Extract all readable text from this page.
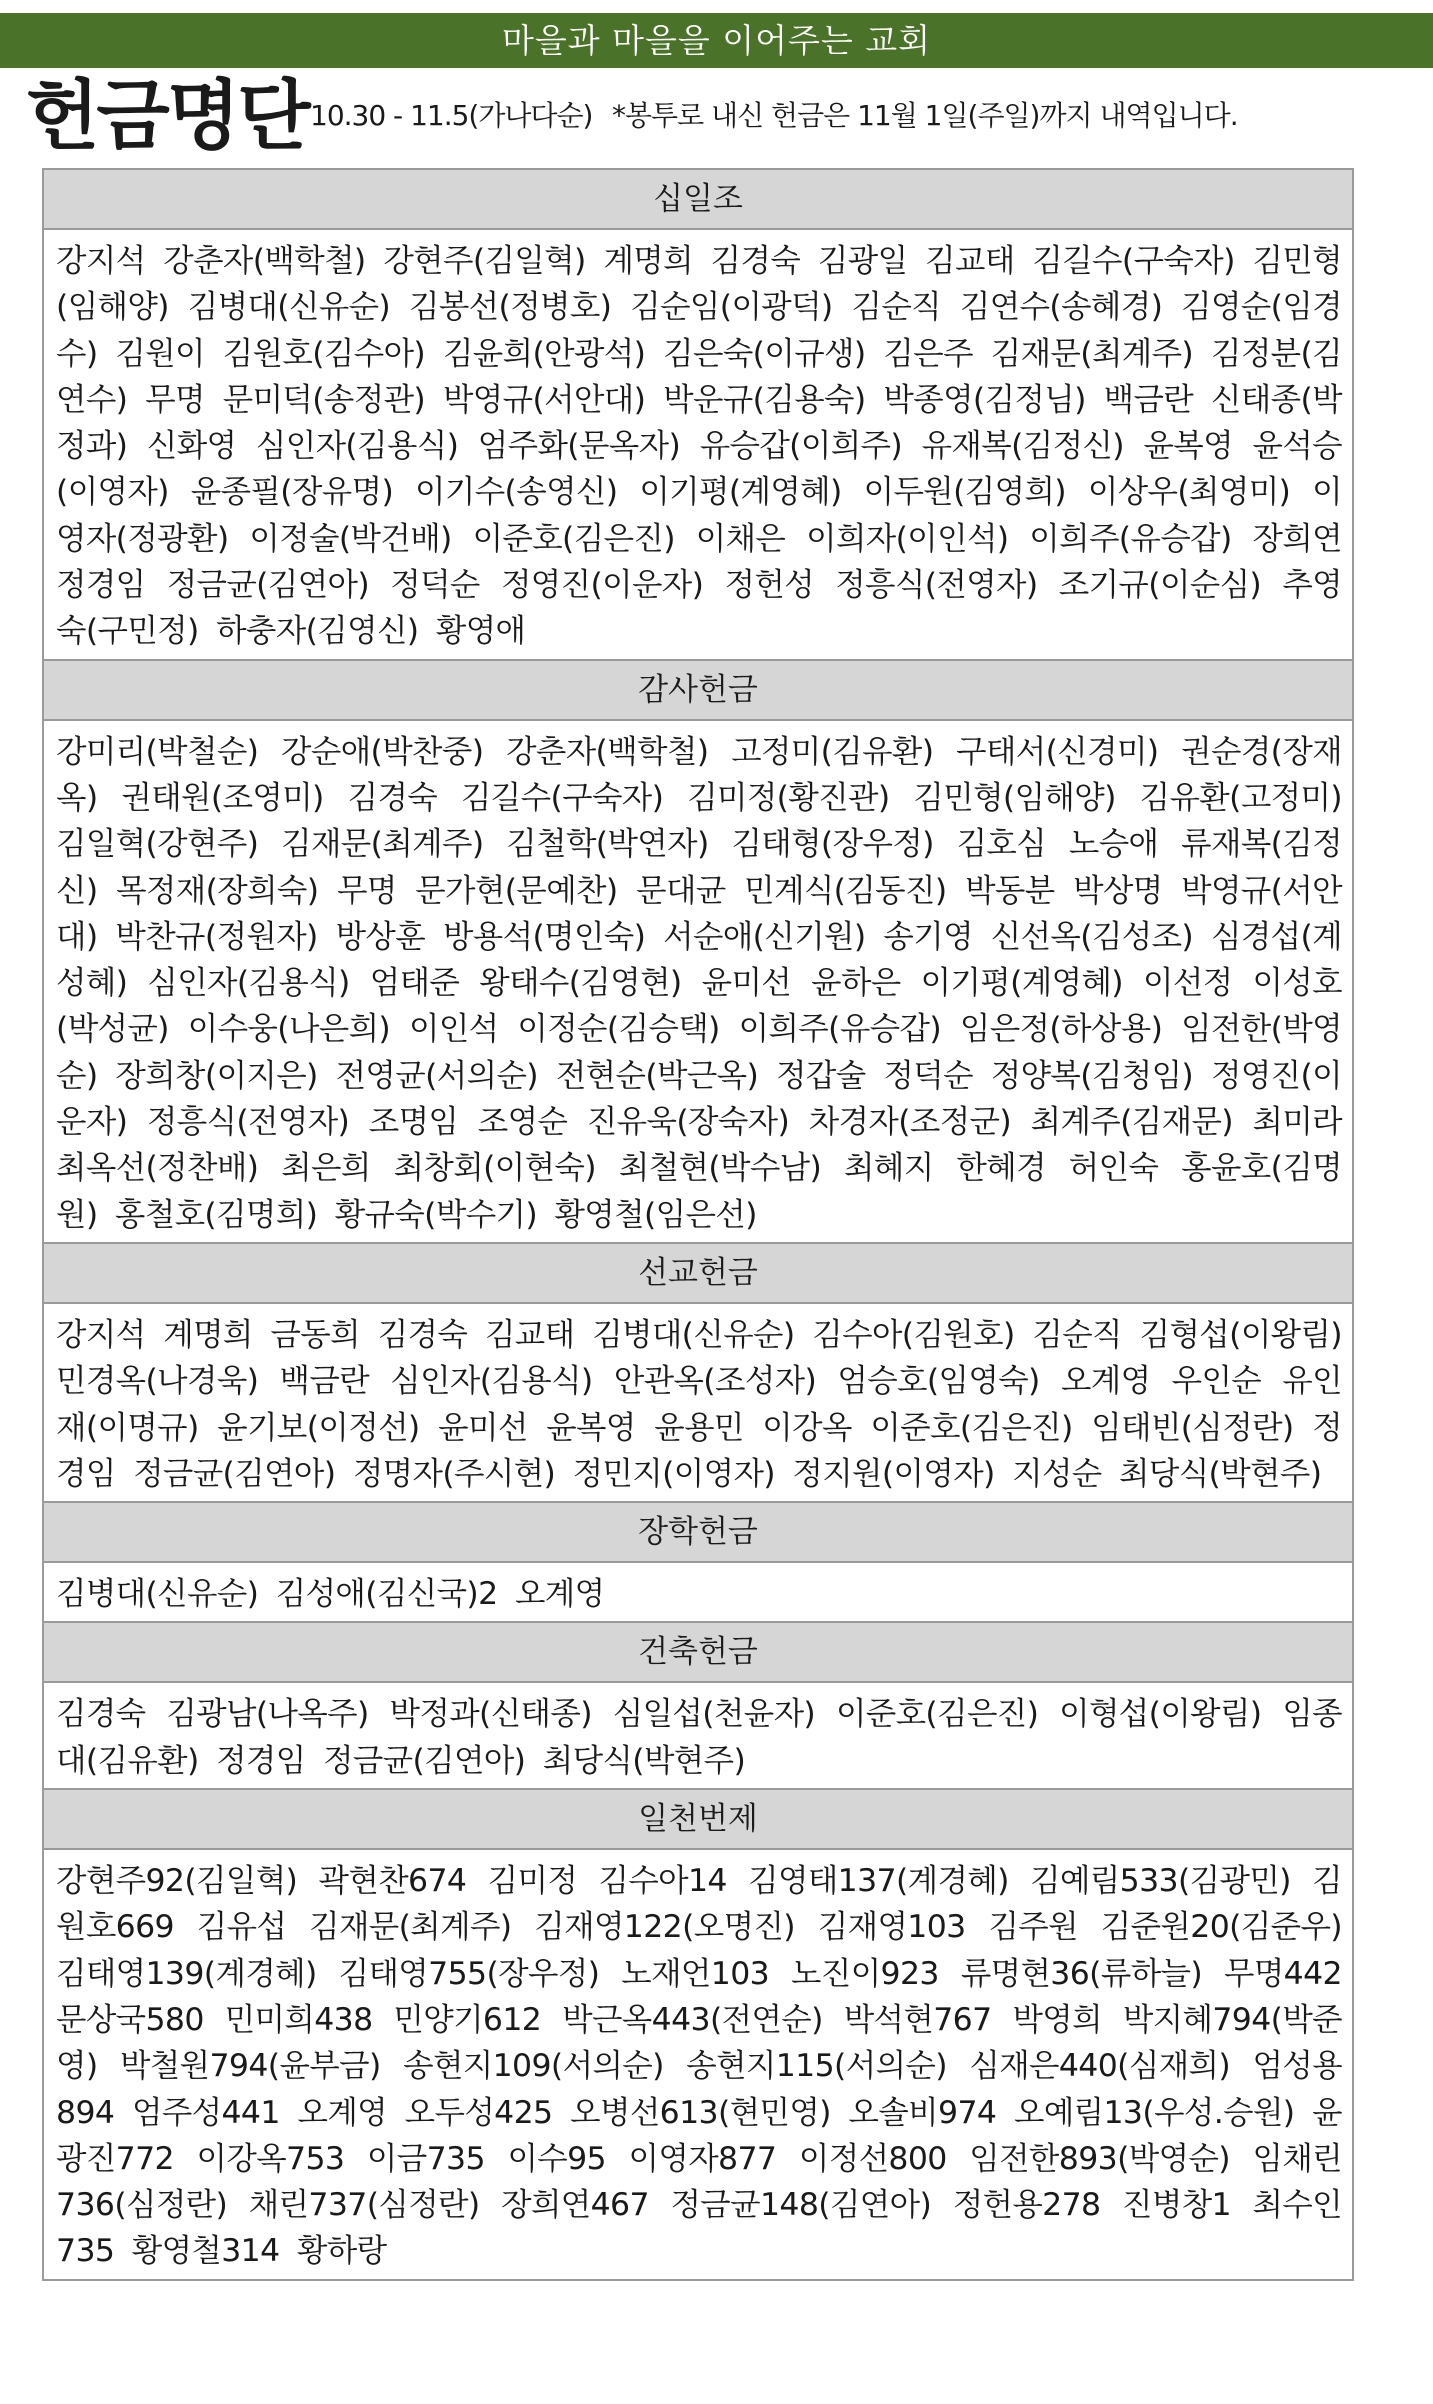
마을과 마을을 이어주는 교회
헌금명단 10.30 - 11.5(가나다순) *봉투로 내신 헌금은 11월 1일(주일)까지 내역입니다.
십일조
강지석 강춘자(백학철) 강현주(김일혁) 계명희 김경숙 김광일 김교태 김길수(구숙자) 김민형(임해양) 김병대(신유순) 김봉선(정병호) 김순임(이광덕) 김순직 김연수(송혜경) 김영순(임경수) 김원이 김원호(김수아) 김윤희(안광석) 김은숙(이규생) 김은주 김재문(최계주) 김정분(김연수) 무명 문미덕(송정관) 박영규(서안대) 박운규(김용숙) 박종영(김정님) 백금란 신태종(박정과) 신화영 심인자(김용식) 엄주화(문옥자) 유승갑(이희주) 유재복(김정신) 윤복영 윤석승(이영자) 윤종필(장유명) 이기수(송영신) 이기평(계영혜) 이두원(김영희) 이상우(최영미) 이영자(정광환) 이정술(박건배) 이준호(김은진) 이채은 이희자(이인석) 이희주(유승갑) 장희연 정경임 정금균(김연아) 정덕순 정영진(이운자) 정헌성 정흥식(전영자) 조기규(이순심) 추영숙(구민정) 하충자(김영신) 황영애
감사헌금
강미리(박철순) 강순애(박찬중) 강춘자(백학철) 고정미(김유환) 구태서(신경미) 권순경(장재옥) 권태원(조영미) 김경숙 김길수(구숙자) 김미정(황진관) 김민형(임해양) 김유환(고정미) 김일혁(강현주) 김재문(최계주) 김철학(박연자) 김태형(장우정) 김호심 노승애 류재복(김정신) 목정재(장희숙) 무명 문가현(문예찬) 문대균 민계식(김동진) 박동분 박상명 박영규(서안대) 박찬규(정원자) 방상훈 방용석(명인숙) 서순애(신기원) 송기영 신선옥(김성조) 심경섭(계성혜) 심인자(김용식) 엄태준 왕태수(김영현) 윤미선 윤하은 이기평(계영혜) 이선정 이성호(박성균) 이수웅(나은희) 이인석 이정순(김승택) 이희주(유승갑) 임은정(하상용) 임전한(박영순) 장희창(이지은) 전영균(서의순) 전현순(박근옥) 정갑술 정덕순 정양복(김청임) 정영진(이운자) 정흥식(전영자) 조명임 조영순 진유욱(장숙자) 차경자(조정군) 최계주(김재문) 최미라 최옥선(정찬배) 최은희 최창회(이현숙) 최철현(박수남) 최혜지 한혜경 허인숙 홍윤호(김명원) 홍철호(김명희) 황규숙(박수기) 황영철(임은선)
선교헌금
강지석 계명희 금동희 김경숙 김교태 김병대(신유순) 김수아(김원호) 김순직 김형섭(이왕림) 민경옥(나경욱) 백금란 심인자(김용식) 안관옥(조성자) 엄승호(임영숙) 오계영 우인순 유인재(이명규) 윤기보(이정선) 윤미선 윤복영 윤용민 이강옥 이준호(김은진) 임태빈(심정란) 정경임 정금균(김연아) 정명자(주시현) 정민지(이영자) 정지원(이영자) 지성순 최당식(박현주)
장학헌금
김병대(신유순) 김성애(김신국)2 오계영
건축헌금
김경숙 김광남(나옥주) 박정과(신태종) 심일섭(천윤자) 이준호(김은진) 이형섭(이왕림) 임종대(김유환) 정경임 정금균(김연아) 최당식(박현주)
일천번제
강현주92(김일혁) 곽현찬674 김미정 김수아14 김영태137(계경혜) 김예림533(김광민) 김원호669 김유섭 김재문(최계주) 김재영122(오명진) 김재영103 김주원 김준원20(김준우) 김태영139(계경혜) 김태영755(장우정) 노재언103 노진이923 류명현36(류하늘) 무명442 문상국580 민미희438 민양기612 박근옥443(전연순) 박석현767 박영희 박지혜794(박준영) 박철원794(윤부금) 송현지109(서의순) 송현지115(서의순) 심재은440(심재희) 엄성용894 엄주성441 오계영 오두성425 오병선613(현민영) 오솔비974 오예림13(우성.승원) 윤광진772 이강옥753 이금735 이수95 이영자877 이정선800 임전한893(박영순) 임채린736(심정란) 채린737(심정란) 장희연467 정금균148(김연아) 정헌용278 진병창1 최수인735 황영철314 황하랑
